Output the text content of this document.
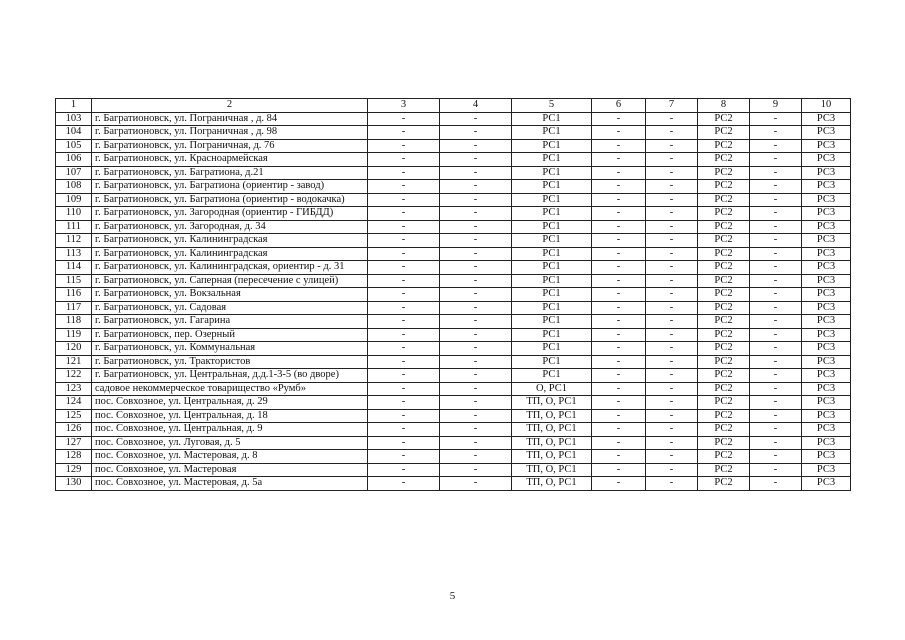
1	2	3	4	5	6	7	8	9	10
103	г. Багратионовск, ул. Пограничная , д. 84	-	-	РС1	-	-	РС2	-	РС3
104	г. Багратионовск, ул. Пограничная , д. 98	-	-	РС1	-	-	РС2	-	РС3
105	г. Багратионовск, ул. Пограничная, д. 76	-	-	РС1	-	-	РС2	-	РС3
106	г. Багратионовск, ул. Красноармейская	-	-	РС1	-	-	РС2	-	РС3
107	г. Багратионовск, ул. Багратиона, д.21	-	-	РС1	-	-	РС2	-	РС3
108	г. Багратионовск, ул. Багратиона (ориентир - завод)	-	-	РС1	-	-	РС2	-	РС3
109	г. Багратионовск, ул. Багратиона (ориентир - водокачка)	-	-	РС1	-	-	РС2	-	РС3
110	г. Багратионовск, ул. Загородная (ориентир - ГИБДД)	-	-	РС1	-	-	РС2	-	РС3
111	г. Багратионовск, ул. Загородная, д. 34	-	-	РС1	-	-	РС2	-	РС3
112	г. Багратионовск, ул. Калининградская	-	-	РС1	-	-	РС2	-	РС3
113	г. Багратионовск, ул. Калининградская	-	-	РС1	-	-	РС2	-	РС3
114	г. Багратионовск, ул. Калининградская, ориентир - д. 31	-	-	РС1	-	-	РС2	-	РС3
115	г. Багратионовск, ул. Саперная (пересечение с улицей)	-	-	РС1	-	-	РС2	-	РС3
116	г. Багратионовск, ул. Вокзальная	-	-	РС1	-	-	РС2	-	РС3
117	г. Багратионовск, ул. Садовая	-	-	РС1	-	-	РС2	-	РС3
118	г. Багратионовск, ул. Гагарина	-	-	РС1	-	-	РС2	-	РС3
119	г. Багратионовск, пер. Озерный	-	-	РС1	-	-	РС2	-	РС3
120	г. Багратионовск, ул. Коммунальная	-	-	РС1	-	-	РС2	-	РС3
121	г. Багратионовск, ул. Трактористов	-	-	РС1	-	-	РС2	-	РС3
122	г. Багратионовск, ул. Центральная, д.д.1-3-5 (во дворе)	-	-	РС1	-	-	РС2	-	РС3
123	садовое некоммерческое товарищество «Румб»	-	-	О, РС1	-	-	РС2	-	РС3
124	пос. Совхозное, ул. Центральная, д. 29	-	-	ТП, О, РС1	-	-	РС2	-	РС3
125	пос. Совхозное, ул. Центральная, д. 18	-	-	ТП, О, РС1	-	-	РС2	-	РС3
126	пос. Совхозное, ул. Центральная, д. 9	-	-	ТП, О, РС1	-	-	РС2	-	РС3
127	пос. Совхозное, ул. Луговая, д. 5	-	-	ТП, О, РС1	-	-	РС2	-	РС3
128	пос. Совхозное, ул. Мастеровая, д. 8	-	-	ТП, О, РС1	-	-	РС2	-	РС3
129	пос. Совхозное, ул. Мастеровая	-	-	ТП, О, РС1	-	-	РС2	-	РС3
130	пос. Совхозное, ул. Мастеровая, д. 5а	-	-	ТП, О, РС1	-	-	РС2	-	РС3
5
